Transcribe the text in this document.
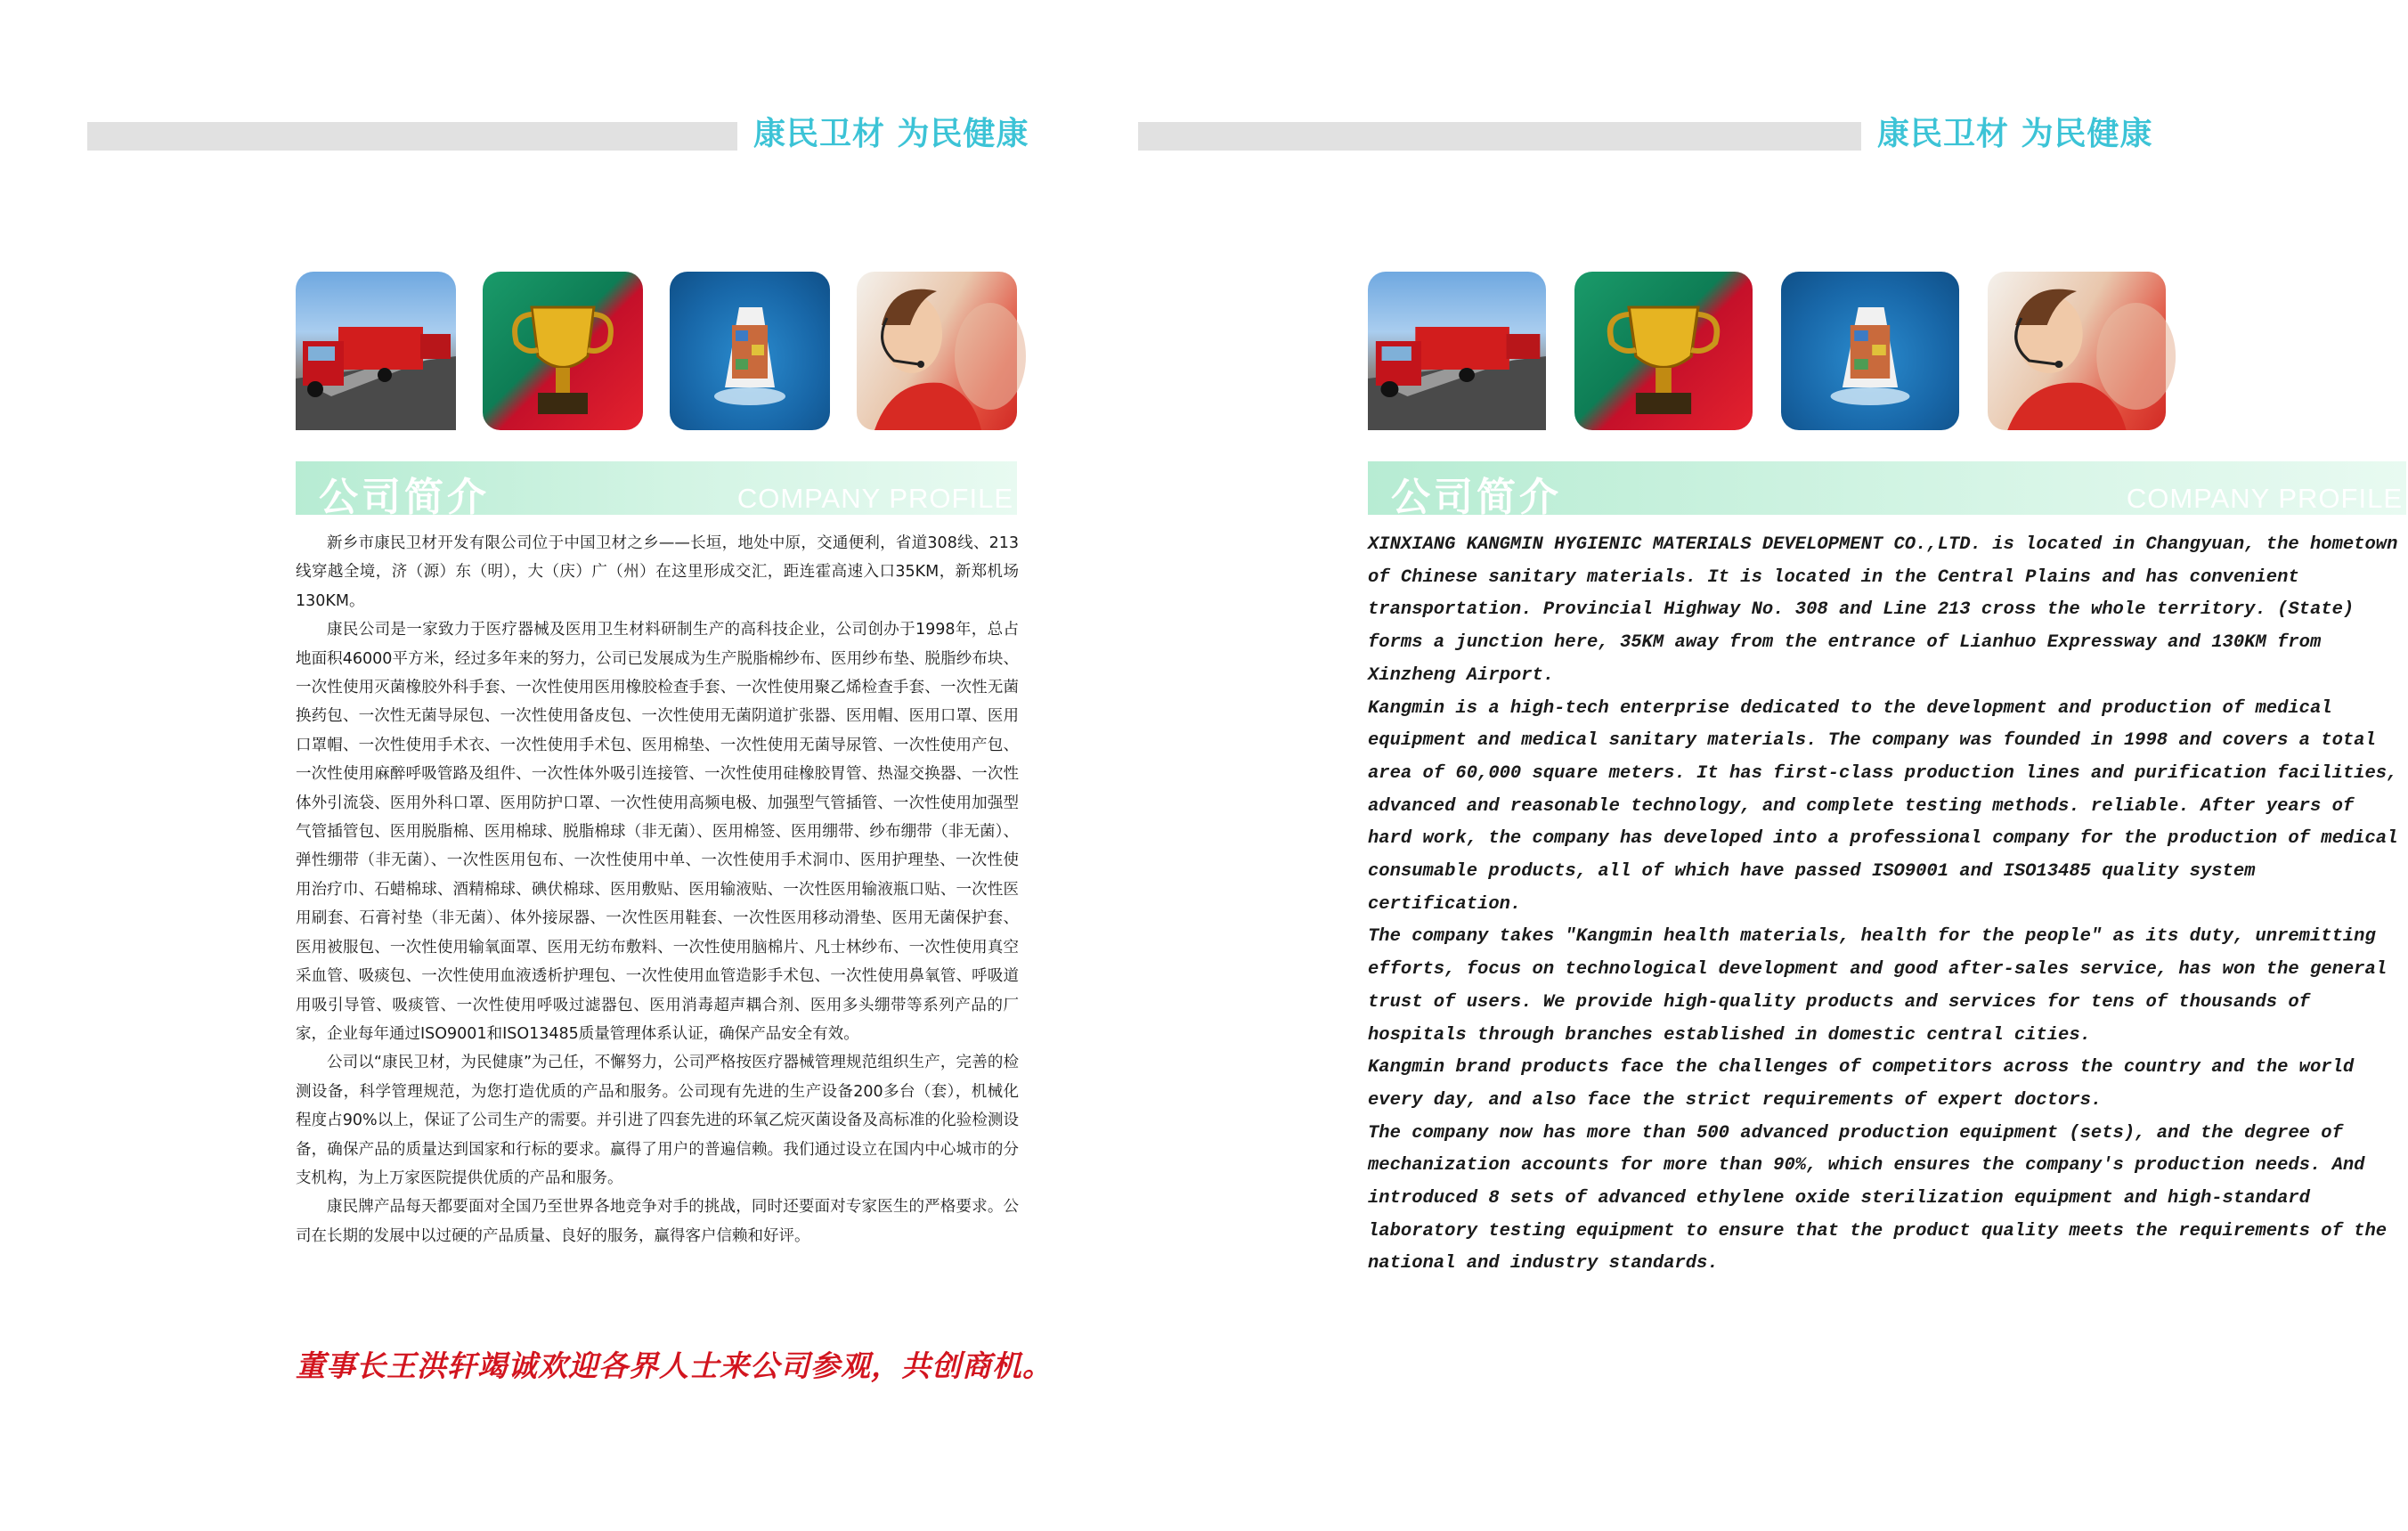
康民卫材 为民健康
公司简介	COMPANY PROFILE

新乡市康民卫材开发有限公司位于中国卫材之乡——长垣，地处中原，交通便利，省道308线、213线穿越全境，济（源）东（明），大（庆）广（州）在这里形成交汇，距连霍高速入口35KM，新郑机场130KM。

康民公司是一家致力于医疗器械及医用卫生材料研制生产的高科技企业，公司创办于1998年，总占地面积46000平方米，经过多年来的努力，公司已发展成为生产脱脂棉纱布、医用纱布垫、脱脂纱布块、一次性使用灭菌橡胶外科手套、一次性使用医用橡胶检查手套、一次性使用聚乙烯检查手套、一次性无菌换药包、一次性无菌导尿包、一次性使用备皮包、一次性使用无菌阴道扩张器、医用帽、医用口罩、医用口罩帽、一次性使用手术衣、一次性使用手术包、医用棉垫、一次性使用无菌导尿管、一次性使用产包、一次性使用麻醉呼吸管路及组件、一次性体外吸引连接管、一次性使用硅橡胶胃管、热湿交换器、一次性体外引流袋、医用外科口罩、医用防护口罩、一次性使用高频电极、加强型气管插管、一次性使用加强型气管插管包、医用脱脂棉、医用棉球、脱脂棉球（非无菌）、医用棉签、医用绷带、纱布绷带（非无菌）、弹性绷带（非无菌）、一次性医用包布、一次性使用中单、一次性使用手术洞巾、医用护理垫、一次性使用治疗巾、石蜡棉球、酒精棉球、碘伏棉球、医用敷贴、医用输液贴、一次性医用输液瓶口贴、一次性医用刷套、石膏衬垫（非无菌）、体外接尿器、一次性医用鞋套、一次性医用移动滑垫、医用无菌保护套、医用被服包、一次性使用输氧面罩、医用无纺布敷料、一次性使用脑棉片、凡士林纱布、一次性使用真空采血管、吸痰包、一次性使用血液透析护理包、一次性使用血管造影手术包、一次性使用鼻氧管、呼吸道用吸引导管、吸痰管、一次性使用呼吸过滤器包、医用消毒超声耦合剂、医用多头绷带等系列产品的厂家，企业每年通过ISO9001和ISO13485质量管理体系认证，确保产品安全有效。

公司以“康民卫材，为民健康”为己任，不懈努力，公司严格按医疗器械管理规范组织生产，完善的检测设备，科学管理规范，为您打造优质的产品和服务。公司现有先进的生产设备200多台（套），机械化程度占90%以上，保证了公司生产的需要。并引进了四套先进的环氧乙烷灭菌设备及高标准的化验检测设备，确保产品的质量达到国家和行标的要求。赢得了用户的普遍信赖。我们通过设立在国内中心城市的分支机构，为上万家医院提供优质的产品和服务。

康民牌产品每天都要面对全国乃至世界各地竞争对手的挑战，同时还要面对专家医生的严格要求。公司在长期的发展中以过硬的产品质量、良好的服务，赢得客户信赖和好评。

董事长王洪轩竭诚欢迎各界人士来公司参观，共创商机。
康民卫材 为民健康
公司简介	COMPANY PROFILE

XINXIANG KANGMIN HYGIENIC MATERIALS DEVELOPMENT CO.,LTD. is located in Changyuan, the hometown of Chinese sanitary materials. It is located in the Central Plains and has convenient transportation. Provincial Highway No. 308 and Line 213 cross the whole territory. (State) forms a junction here, 35KM away from the entrance of Lianhuo Expressway and 130KM from Xinzheng Airport.

Kangmin is a high-tech enterprise dedicated to the development and production of medical equipment and medical sanitary materials. The company was founded in 1998 and covers a total area of 60,000 square meters. It has first-class production lines and purification facilities, advanced and reasonable technology, and complete testing methods. reliable. After years of hard work, the company has developed into a professional company for the production of medical consumable products, all of which have passed ISO9001 and ISO13485 quality system certification.

The company takes "Kangmin health materials, health for the people" as its duty, unremitting efforts, focus on technological development and good after-sales service, has won the general trust of users. We provide high-quality products and services for tens of thousands of hospitals through branches established in domestic central cities.

Kangmin brand products face the challenges of competitors across the country and the world every day, and also face the strict requirements of expert doctors.

The company now has more than 500 advanced production equipment (sets), and the degree of mechanization accounts for more than 90%, which ensures the company's production needs. And introduced 8 sets of advanced ethylene oxide sterilization equipment and high-standard laboratory testing equipment to ensure that the product quality meets the requirements of the national and industry standards.
